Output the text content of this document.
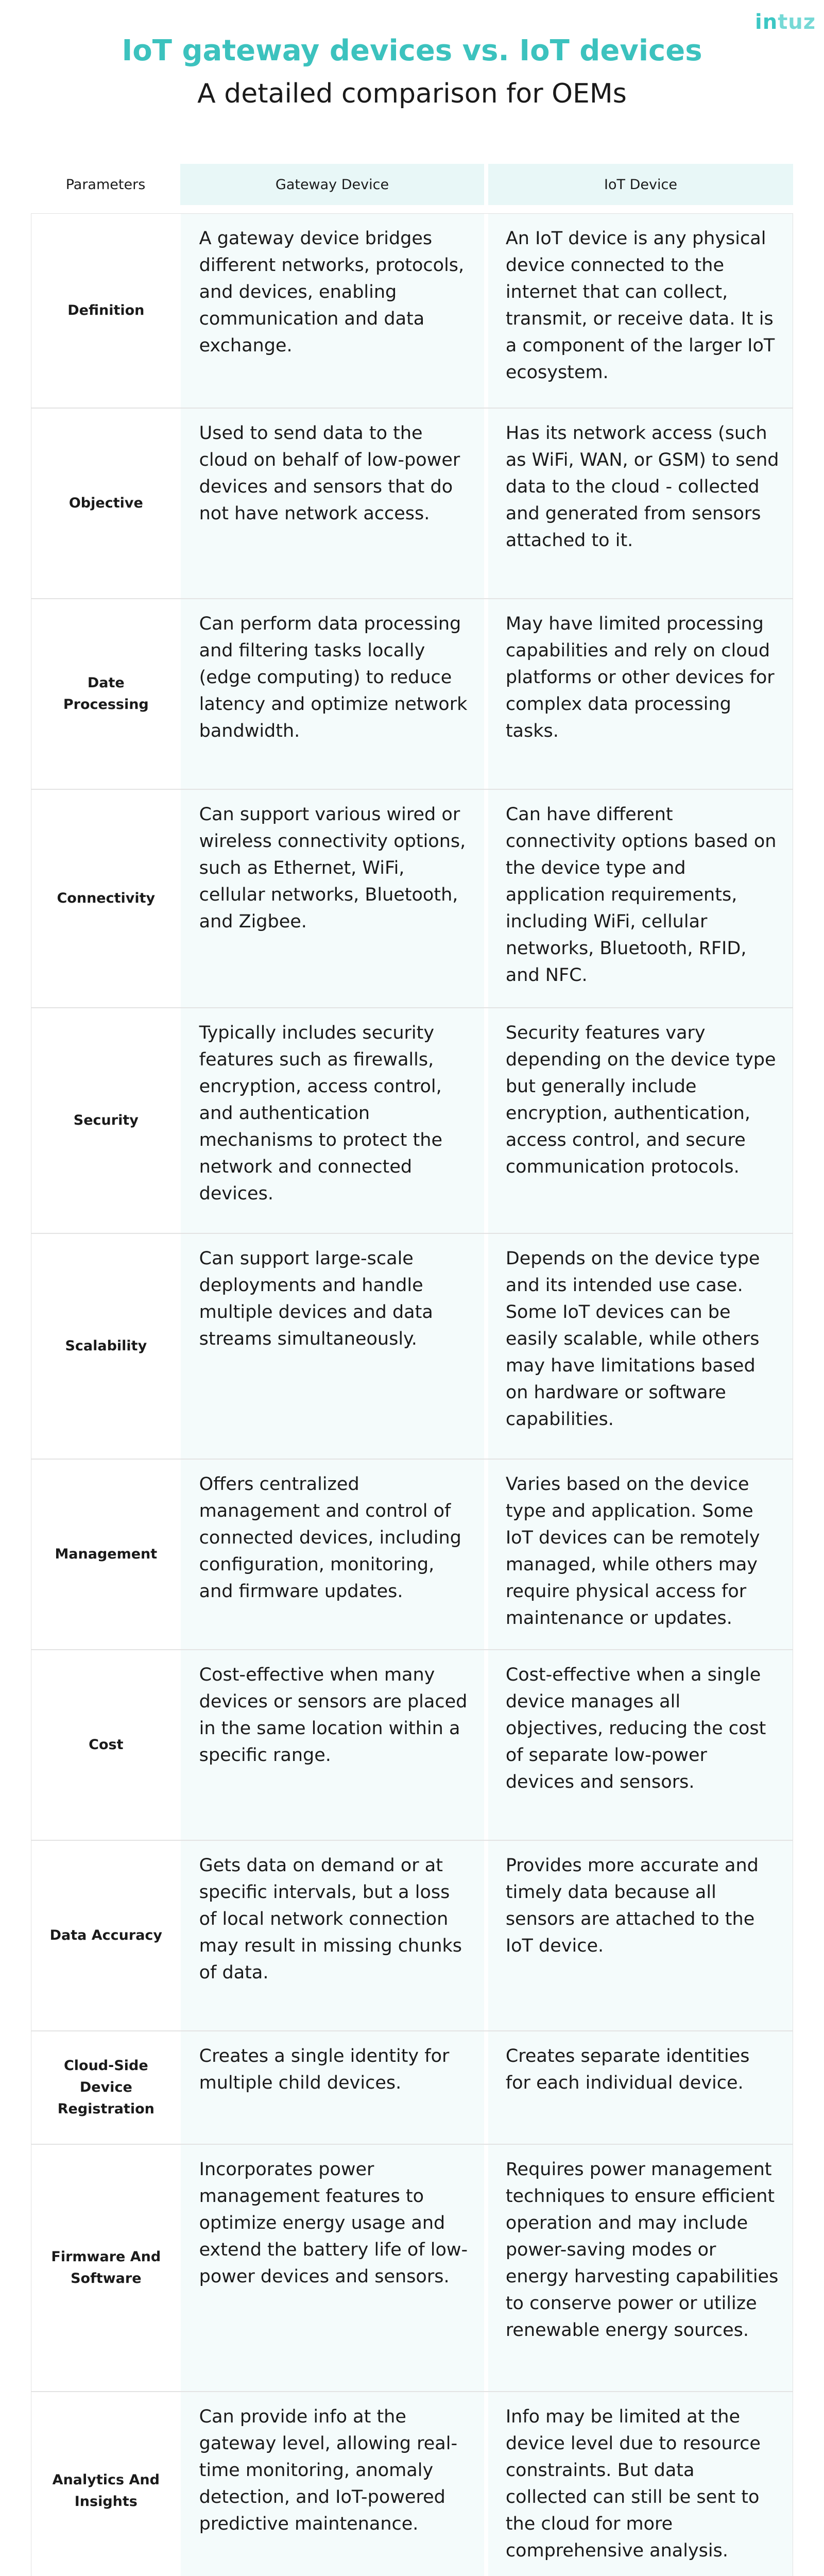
intuz
IoT gateway devices vs. IoT devices
A detailed comparison for OEMs
Parameters	Gateway Device	IoT Device
Definition
A gateway device bridges different networks, protocols, and devices, enabling communication and data exchange.
An IoT device is any physical device connected to the internet that can collect, transmit, or receive data. It is a component of the larger IoT ecosystem.
Objective
Used to send data to the cloud on behalf of low-power devices and sensors that do not have network access.
Has its network access (such as WiFi, WAN, or GSM) to send data to the cloud - collected and generated from sensors attached to it.
Date Processing
Can perform data processing and filtering tasks locally (edge computing) to reduce latency and optimize network bandwidth.
May have limited processing capabilities and rely on cloud platforms or other devices for complex data processing tasks.
Connectivity
Can support various wired or wireless connectivity options, such as Ethernet, WiFi, cellular networks, Bluetooth, and Zigbee.
Can have different connectivity options based on the device type and application requirements, including WiFi, cellular networks, Bluetooth, RFID, and NFC.
Security
Typically includes security features such as firewalls, encryption, access control, and authentication mechanisms to protect the network and connected devices.
Security features vary depending on the device type but generally include encryption, authentication, access control, and secure communication protocols.
Scalability
Can support large-scale deployments and handle multiple devices and data streams simultaneously.
Depends on the device type and its intended use case. Some IoT devices can be easily scalable, while others may have limitations based on hardware or software capabilities.
Management
Offers centralized management and control of connected devices, including configuration, monitoring, and firmware updates.
Varies based on the device type and application. Some IoT devices can be remotely managed, while others may require physical access for maintenance or updates.
Cost
Cost-effective when many devices or sensors are placed in the same location within a specific range.
Cost-effective when a single device manages all objectives, reducing the cost of separate low-power devices and sensors.
Data Accuracy
Gets data on demand or at specific intervals, but a loss of local network connection may result in missing chunks of data.
Provides more accurate and timely data because all sensors are attached to the IoT device.
Cloud-Side Device Registration
Creates a single identity for multiple child devices.
Creates separate identities for each individual device.
Firmware And Software
Incorporates power management features to optimize energy usage and extend the battery life of low-power devices and sensors.
Requires power management techniques to ensure efficient operation and may include power-saving modes or energy harvesting capabilities to conserve power or utilize renewable energy sources.
Analytics And Insights
Can provide info at the gateway level, allowing real-time monitoring, anomaly detection, and IoT-powered predictive maintenance.
Info may be limited at the device level due to resource constraints. But data collected can still be sent to the cloud for more comprehensive analysis.
